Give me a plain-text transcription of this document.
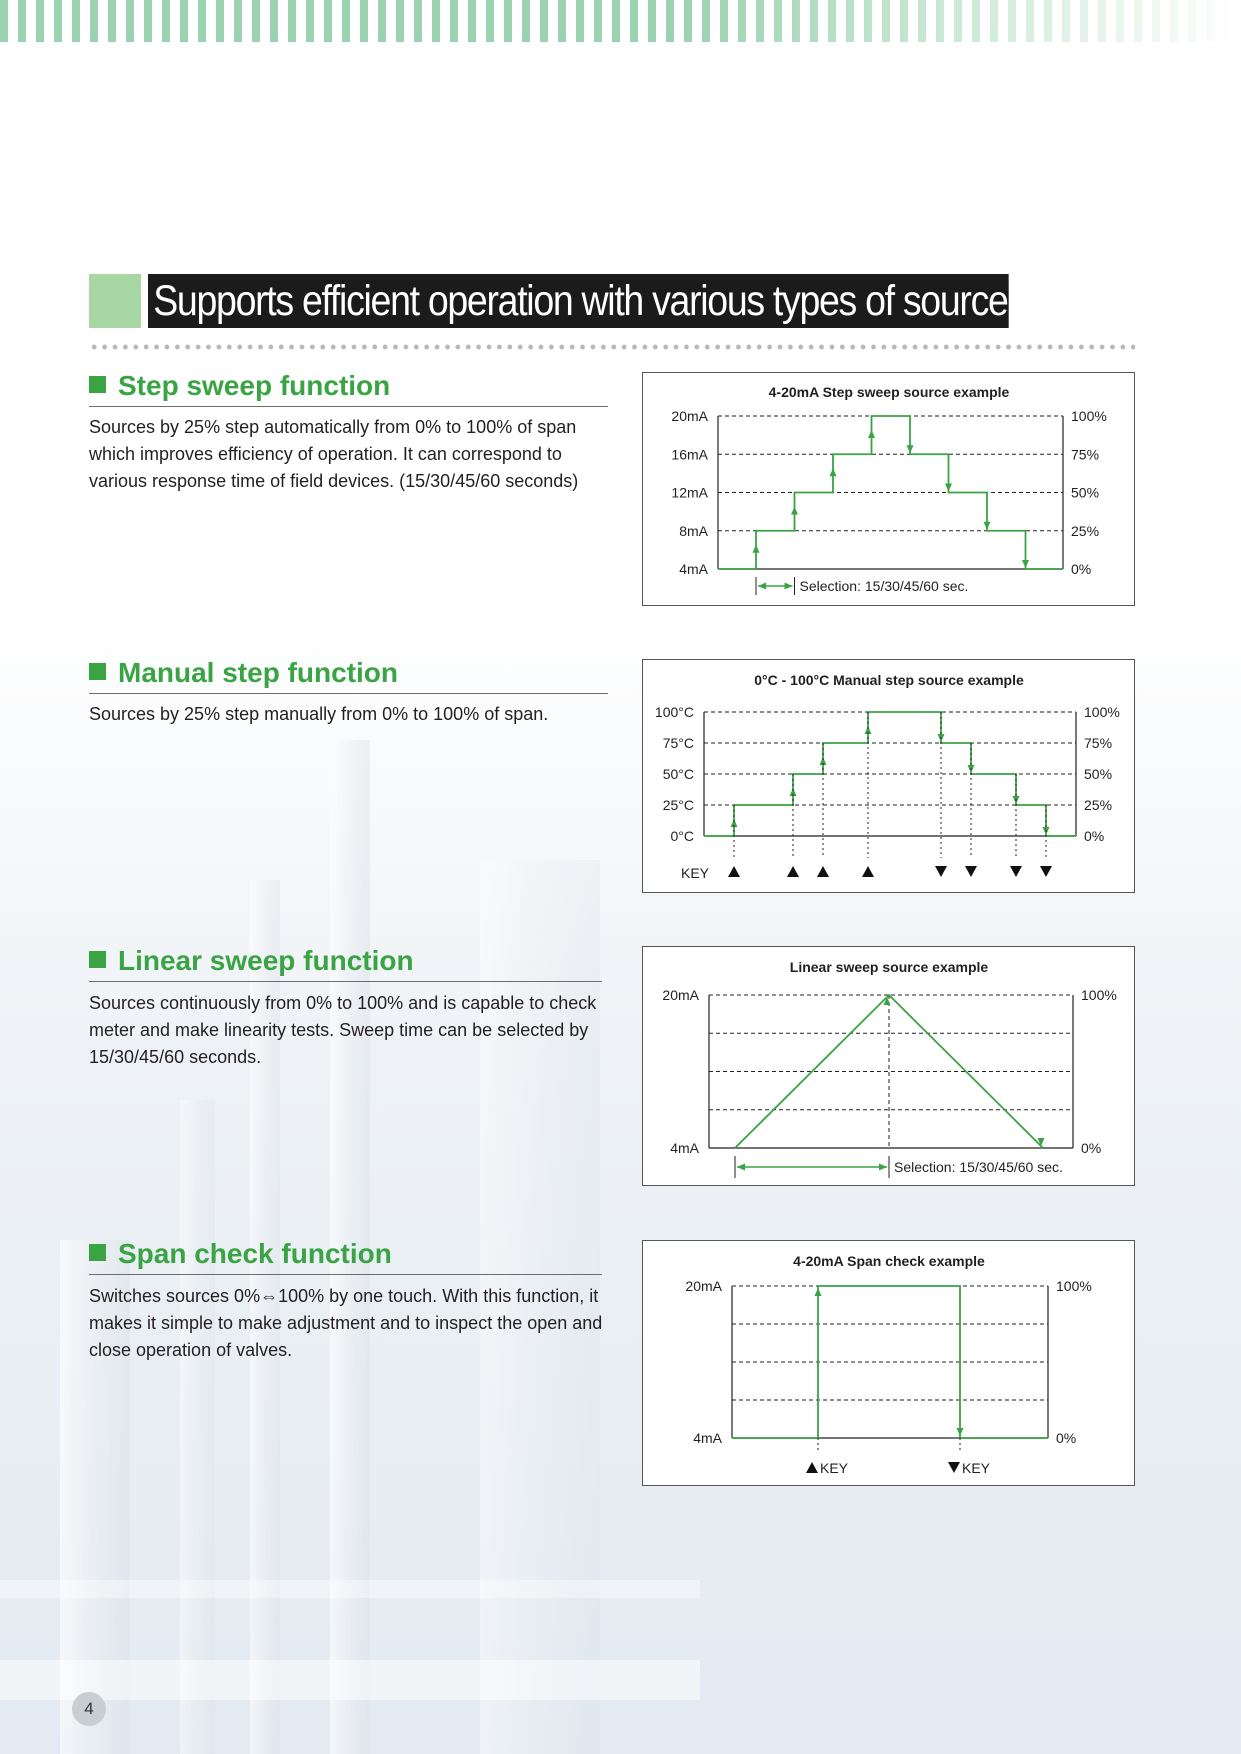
Supports efficient operation with various types of source pattern
Step sweep function
Sources by 25% step automatically from 0% to 100% of span which improves efficiency of operation. It can correspond to various response time of field devices. (15/30/45/60 seconds)
4-20mA Step sweep source example
20mA
16mA
12mA
8mA
4mA
100%
75%
50%
25%
0%
Selection: 15/30/45/60 sec.
Manual step function
Sources by 25% step manually from 0% to 100% of span.
0°C - 100°C Manual step source example
100°C
75°C
50°C
25°C
0°C
100%
75%
50%
25%
0%
KEY
Linear sweep function
Sources continuously from 0% to 100% and is capable to check meter and make linearity tests. Sweep time can be selected by 15/30/45/60 seconds.
Linear sweep source example
20mA
4mA
100%
0%
Selection: 15/30/45/60 sec.
Span check function
Switches sources 0%⇔100% by one touch. With this function, it makes it simple to make adjustment and to inspect the open and close operation of valves.
4-20mA Span check example
20mA
4mA
100%
0%
KEY	KEY
4
